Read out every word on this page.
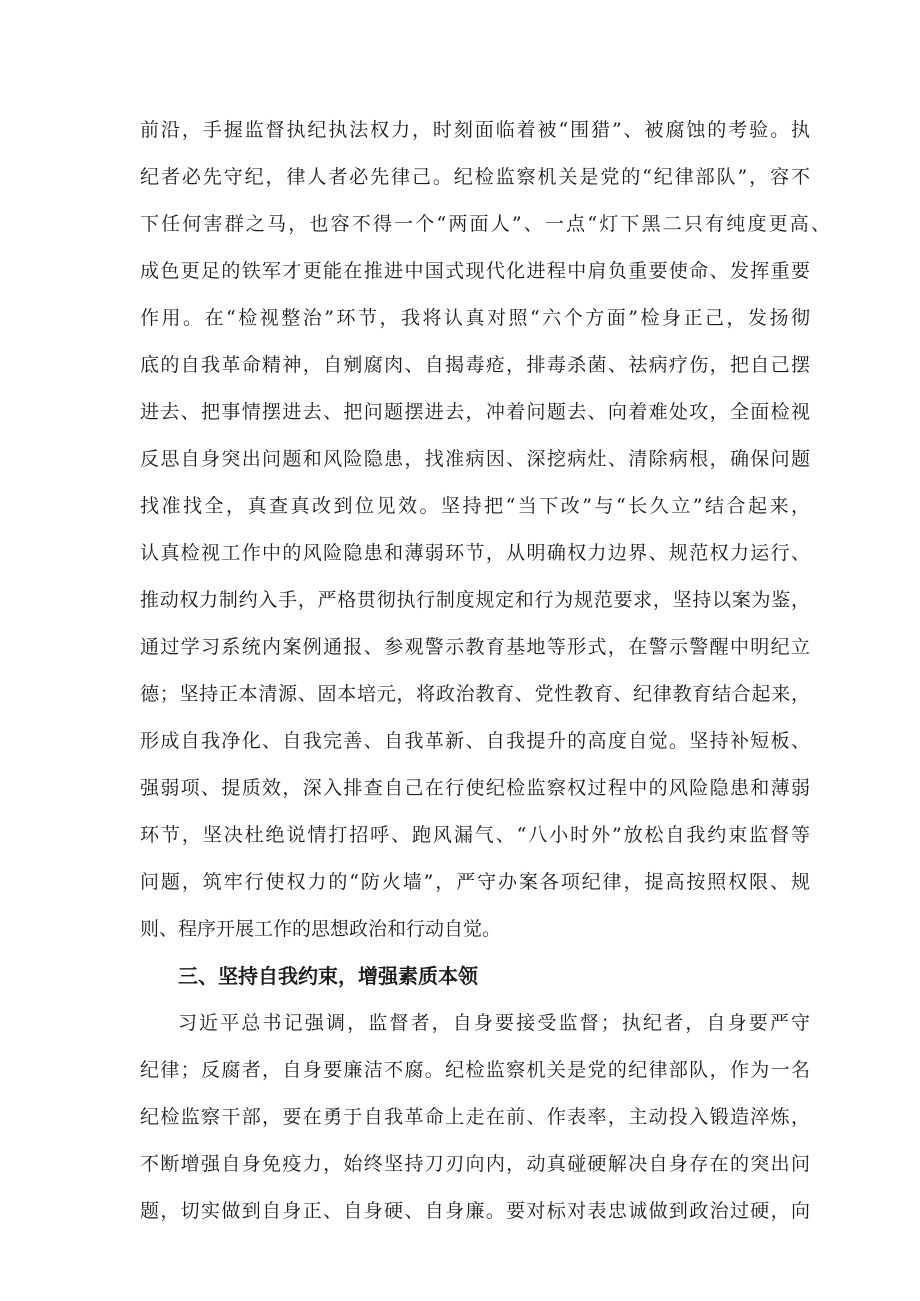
前沿，手握监督执纪执法权力，时刻面临着被“围猎”、被腐蚀的考验。执
纪者必先守纪，律人者必先律己。纪检监察机关是党的“纪律部队”，容不
下任何害群之马，也容不得一个“两面人”、一点“灯下黑二只有纯度更高、
成色更足的铁军才更能在推进中国式现代化进程中肩负重要使命、发挥重要
作用。在“检视整治”环节，我将认真对照“六个方面”检身正己，发扬彻
底的自我革命精神，自剜腐肉、自揭毒疮，排毒杀菌、祛病疗伤，把自己摆
进去、把事情摆进去、把问题摆进去，冲着问题去、向着难处攻，全面检视
反思自身突出问题和风险隐患，找准病因、深挖病灶、清除病根，确保问题
找准找全，真查真改到位见效。坚持把“当下改”与“长久立”结合起来，
认真检视工作中的风险隐患和薄弱环节，从明确权力边界、规范权力运行、
推动权力制约入手，严格贯彻执行制度规定和行为规范要求，坚持以案为鉴，
通过学习系统内案例通报、参观警示教育基地等形式，在警示警醒中明纪立
德；坚持正本清源、固本培元，将政治教育、党性教育、纪律教育结合起来，
形成自我净化、自我完善、自我革新、自我提升的高度自觉。坚持补短板、
强弱项、提质效，深入排查自己在行使纪检监察权过程中的风险隐患和薄弱
环节，坚决杜绝说情打招呼、跑风漏气、“八小时外”放松自我约束监督等
问题，筑牢行使权力的“防火墙”，严守办案各项纪律，提高按照权限、规
则、程序开展工作的思想政治和行动自觉。
三、坚持自我约束，增强素质本领
习近平总书记强调，监督者，自身要接受监督；执纪者，自身要严守
纪律；反腐者，自身要廉洁不腐。纪检监察机关是党的纪律部队，作为一名
纪检监察干部，要在勇于自我革命上走在前、作表率，主动投入锻造淬炼，
不断增强自身免疫力，始终坚持刀刃向内，动真碰硬解决自身存在的突出问
题，切实做到自身正、自身硬、自身廉。要对标对表忠诚做到政治过硬，向
